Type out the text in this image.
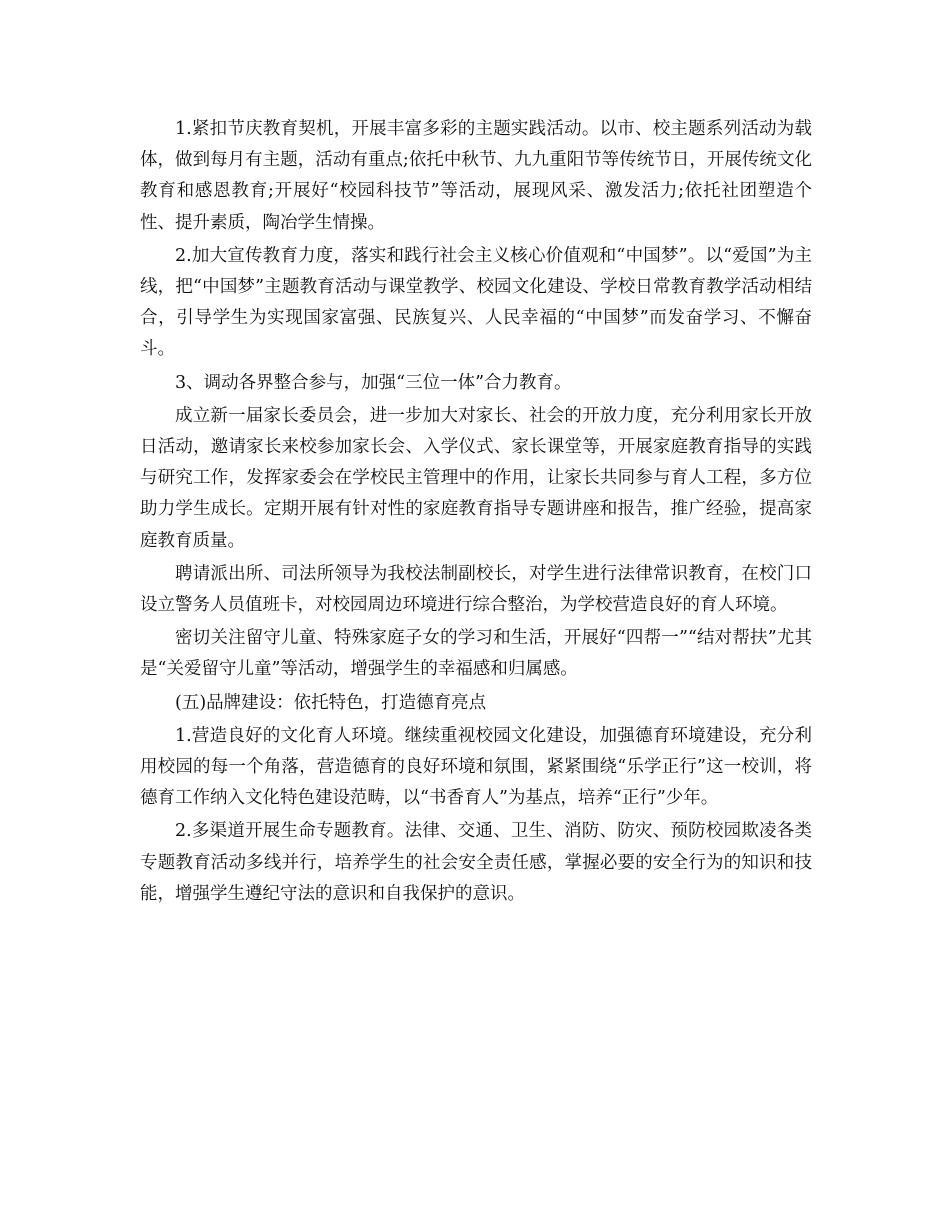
1.紧扣节庆教育契机，开展丰富多彩的主题实践活动。以市、校主题系列活动为载体，做到每月有主题，活动有重点;依托中秋节、九九重阳节等传统节日，开展传统文化教育和感恩教育;开展好“校园科技节”等活动，展现风采、激发活力;依托社团塑造个性、提升素质，陶冶学生情操。

2.加大宣传教育力度，落实和践行社会主义核心价值观和“中国梦”。以“爱国”为主线，把“中国梦”主题教育活动与课堂教学、校园文化建设、学校日常教育教学活动相结合，引导学生为实现国家富强、民族复兴、人民幸福的“中国梦”而发奋学习、不懈奋斗。

3、调动各界整合参与，加强“三位一体”合力教育。

成立新一届家长委员会，进一步加大对家长、社会的开放力度，充分利用家长开放日活动，邀请家长来校参加家长会、入学仪式、家长课堂等，开展家庭教育指导的实践与研究工作，发挥家委会在学校民主管理中的作用，让家长共同参与育人工程，多方位助力学生成长。定期开展有针对性的家庭教育指导专题讲座和报告，推广经验，提高家庭教育质量。

聘请派出所、司法所领导为我校法制副校长，对学生进行法律常识教育，在校门口设立警务人员值班卡，对校园周边环境进行综合整治，为学校营造良好的育人环境。

密切关注留守儿童、特殊家庭子女的学习和生活，开展好“四帮一”“结对帮扶”尤其是“关爱留守儿童”等活动，增强学生的幸福感和归属感。

(五)品牌建设：依托特色，打造德育亮点

1.营造良好的文化育人环境。继续重视校园文化建设，加强德育环境建设，充分利用校园的每一个角落，营造德育的良好环境和氛围，紧紧围绕“乐学正行”这一校训，将德育工作纳入文化特色建设范畴，以“书香育人”为基点，培养“正行”少年。

2.多渠道开展生命专题教育。法律、交通、卫生、消防、防灾、预防校园欺凌各类专题教育活动多线并行，培养学生的社会安全责任感，掌握必要的安全行为的知识和技能，增强学生遵纪守法的意识和自我保护的意识。
